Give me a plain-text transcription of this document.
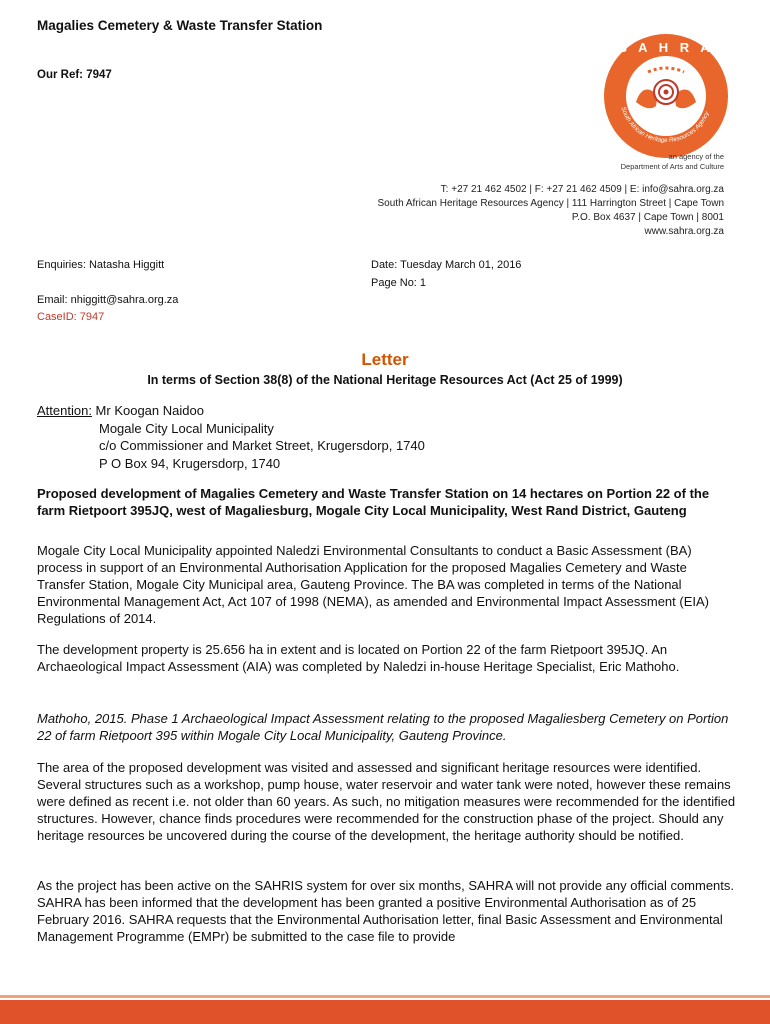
Magalies Cemetery & Waste Transfer Station
Our Ref: 7947
S A H R A
South African Heritage Resources Agency
an agency of the
Department of Arts and Culture
T: +27 21 462 4502 | F: +27 21 462 4509 | E: info@sahra.org.za
South African Heritage Resources Agency | 111 Harrington Street | Cape Town
P.O. Box 4637 | Cape Town | 8001
www.sahra.org.za
Enquiries: Natasha Higgitt	Date: Tuesday March 01, 2016
Page No: 1
Email: nhiggitt@sahra.org.za
CaseID: 7947
Letter
In terms of Section 38(8) of the National Heritage Resources Act (Act 25 of 1999)
Attention: Mr Koogan Naidoo
Mogale City Local Municipality
c/o Commissioner and Market Street, Krugersdorp, 1740
P O Box 94, Krugersdorp, 1740
Proposed development of Magalies Cemetery and Waste Transfer Station on 14 hectares on Portion 22 of the farm Rietpoort 395JQ, west of Magaliesburg, Mogale City Local Municipality, West Rand District, Gauteng
Mogale City Local Municipality appointed Naledzi Environmental Consultants to conduct a Basic Assessment (BA) process in support of an Environmental Authorisation Application for the proposed Magalies Cemetery and Waste Transfer Station, Mogale City Municipal area, Gauteng Province. The BA was completed in terms of the National Environmental Management Act, Act 107 of 1998 (NEMA), as amended and Environmental Impact Assessment (EIA) Regulations of 2014.
The development property is 25.656 ha in extent and is located on Portion 22 of the farm Rietpoort 395JQ. An Archaeological Impact Assessment (AIA) was completed by Naledzi in-house Heritage Specialist, Eric Mathoho.
Mathoho, 2015. Phase 1 Archaeological Impact Assessment relating to the proposed Magaliesberg Cemetery on Portion 22 of farm Rietpoort 395 within Mogale City Local Municipality, Gauteng Province.
The area of the proposed development was visited and assessed and significant heritage resources were identified. Several structures such as a workshop, pump house, water reservoir and water tank were noted, however these remains were defined as recent i.e. not older than 60 years. As such, no mitigation measures were recommended for the identified structures. However, chance finds procedures were recommended for the construction phase of the project. Should any heritage resources be uncovered during the course of the development, the heritage authority should be notified.
As the project has been active on the SAHRIS system for over six months, SAHRA will not provide any official comments. SAHRA has been informed that the development has been granted a positive Environmental Authorisation as of 25 February 2016. SAHRA requests that the Environmental Authorisation letter, final Basic Assessment and Environmental Management Programme (EMPr) be submitted to the case file to provide
